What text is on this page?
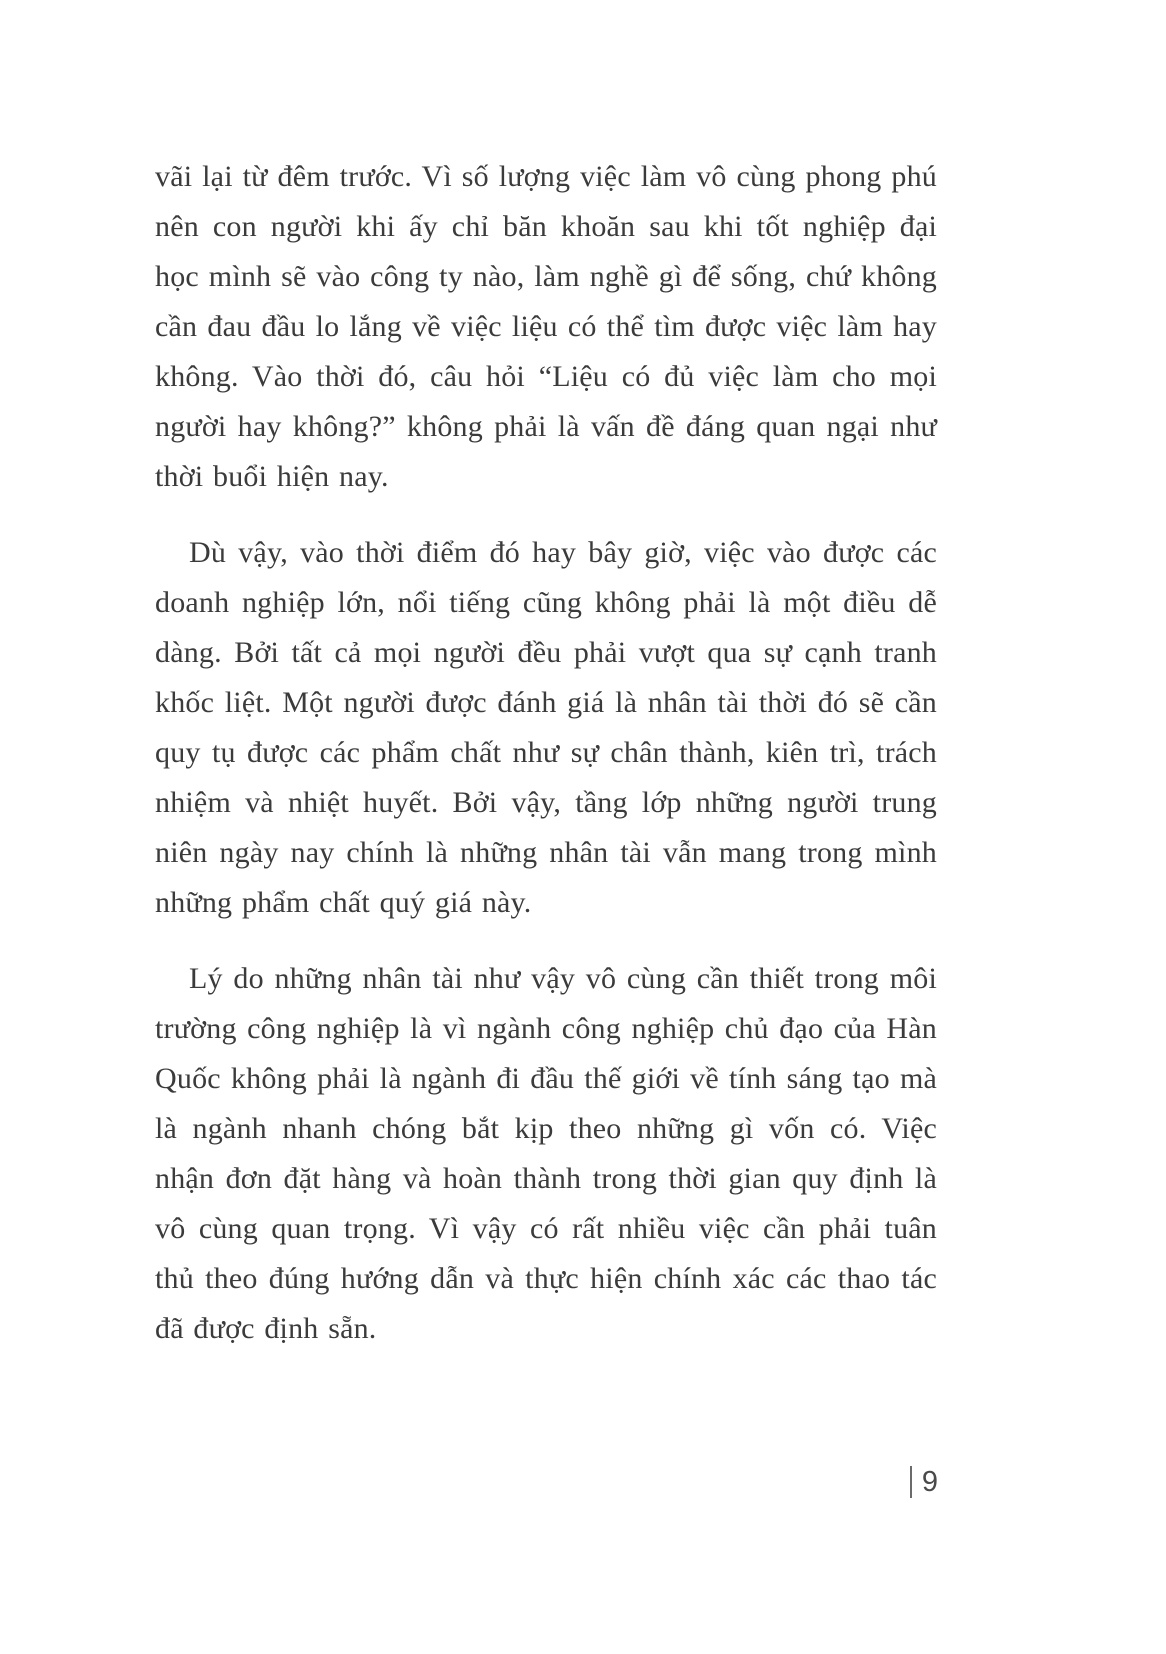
vãi lại từ đêm trước. Vì số lượng việc làm vô cùng phong phú nên con người khi ấy chỉ băn khoăn sau khi tốt nghiệp đại học mình sẽ vào công ty nào, làm nghề gì để sống, chứ không cần đau đầu lo lắng về việc liệu có thể tìm được việc làm hay không. Vào thời đó, câu hỏi “Liệu có đủ việc làm cho mọi người hay không?” không phải là vấn đề đáng quan ngại như thời buổi hiện nay.

Dù vậy, vào thời điểm đó hay bây giờ, việc vào được các doanh nghiệp lớn, nổi tiếng cũng không phải là một điều dễ dàng. Bởi tất cả mọi người đều phải vượt qua sự cạnh tranh khốc liệt. Một người được đánh giá là nhân tài thời đó sẽ cần quy tụ được các phẩm chất như sự chân thành, kiên trì, trách nhiệm và nhiệt huyết. Bởi vậy, tầng lớp những người trung niên ngày nay chính là những nhân tài vẫn mang trong mình những phẩm chất quý giá này.

Lý do những nhân tài như vậy vô cùng cần thiết trong môi trường công nghiệp là vì ngành công nghiệp chủ đạo của Hàn Quốc không phải là ngành đi đầu thế giới về tính sáng tạo mà là ngành nhanh chóng bắt kịp theo những gì vốn có. Việc nhận đơn đặt hàng và hoàn thành trong thời gian quy định là vô cùng quan trọng. Vì vậy có rất nhiều việc cần phải tuân thủ theo đúng hướng dẫn và thực hiện chính xác các thao tác đã được định sẵn.

9
